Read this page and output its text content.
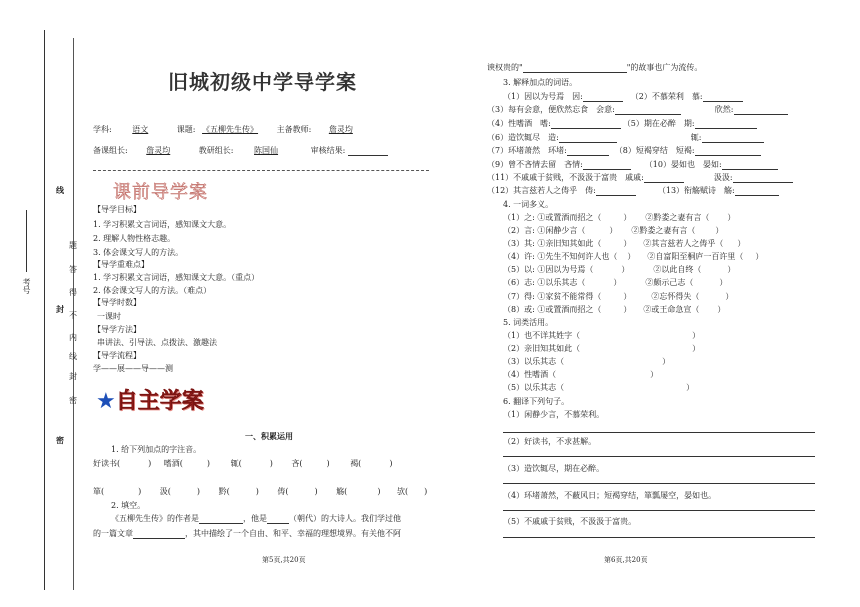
考号
线
题
答
得
不
内
线
封
密
封
密
旧城初级中学导学案
学科:	语文	课题: 《五柳先生传》 主备教师: 詹灵均
备课组长: 詹灵均	教研组长:	陈国仙	审核结果:
课前导学案
【导学目标】
1. 学习积累文言词语，感知课文大意。
2. 理解人物性格志趣。
3. 体会课文写人的方法。
【导学重难点】
1. 学习积累文言词语，感知课文大意。（重点）
2. 体会课文写人的方法。（难点）
【导学时数】
一课时
【导学方法】
串讲法、引导法、点拨法、激趣法
【导学流程】
学——展——导——测
★自主学案
一、积累运用
1. 给下列加点的字注音。
好读书(	) 嗜酒(	)	辄(	) 吝(	)	褐(	)
箪(	) 汲(	) 黔(	) 俦(	) 觞(	) 欤( )
2. 填空。
《五柳先生传》的作者是	，他是	（朝代）的大诗人。我们学过他
的一篇文章	，其中描绘了一个自由、和平、幸福的理想境界。有关他不阿
第5页,共20页
谀权贵的"	"的故事也广为流传。
3. 解释加点的词语。
（1）因以为号焉　因:	（2）不慕荣利　慕:
（3）每有会意，便欣然忘食　会意:	欣然:
（4）性嗜酒　嗜:	（5）期在必醉　期:
（6）造饮辄尽　造:	辄:
（7）环堵萧然　环堵:	（8）短褐穿结　短褐:
（9）曾不吝情去留　吝情:	（10）晏如也　晏如:
（11）不戚戚于贫贱，不汲汲于富贵　戚戚:	汲汲:
（12）其言兹若人之俦乎　俦:	（13）衔觞赋诗　觞:
4. 一词多义。
（1）之: ①或置酒而招之（	） ②黔娄之妻有言（ ）
（2）言: ①闲静少言（	） ②黔娄之妻有言（	）
（3）其: ①亲旧知其如此（	） ②其言兹若人之俦乎（ ）
（4）许: ①先生不知何许人也（ ） ②自富阳至桐庐一百许里（ ）
（5）以: ①因以为号焉（	）	②以此自终（	）
（6）志: ①以乐其志（	）	②颇示己志（	）
（7）得: ①家贫不能常得（	）	②忘怀得失（	）
（8）或: ①或置酒而招之（	） ②或王命急宣（ ）
5. 词类活用。
（1）也不详其姓字（	）
（2）亲旧知其如此（	）
（3）以乐其志（	）
（4）性嗜酒（	）
（5）以乐其志（	）
6. 翻译下列句子。
（1）闲静少言，不慕荣利。
（2）好读书，不求甚解。
（3）造饮辄尽，期在必醉。
（4）环堵萧然，不蔽风日；短褐穿结，箪瓢屡空，晏如也。
（5）不戚戚于贫贱，不汲汲于富贵。
第6页,共20页
